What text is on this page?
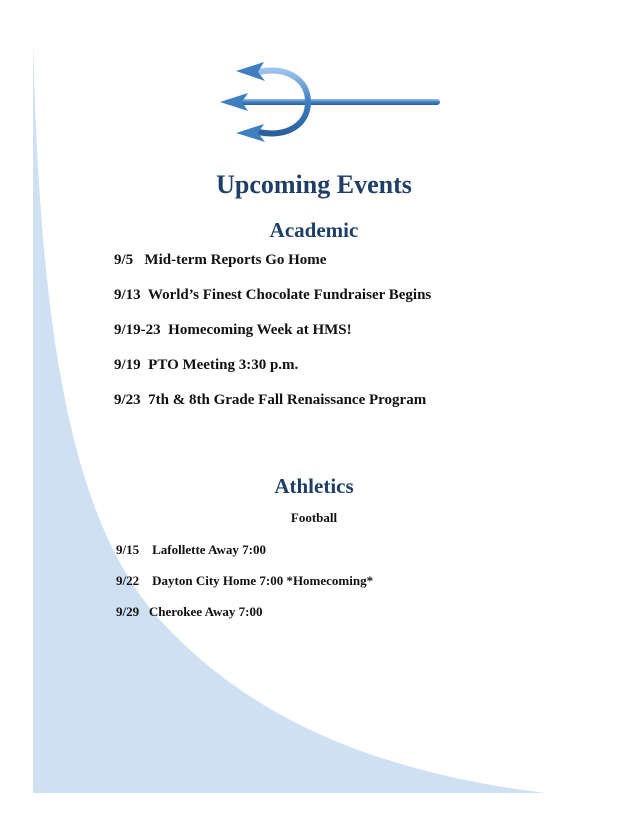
Upcoming Events
Academic
9/5 Mid-term Reports Go Home
9/13 World’s Finest Chocolate Fundraiser Begins
9/19-23 Homecoming Week at HMS!
9/19 PTO Meeting 3:30 p.m.
9/23 7th & 8th Grade Fall Renaissance Program
Athletics
Football
9/15 Lafollette Away 7:00
9/22 Dayton City Home 7:00 *Homecoming*
9/29 Cherokee Away 7:00
